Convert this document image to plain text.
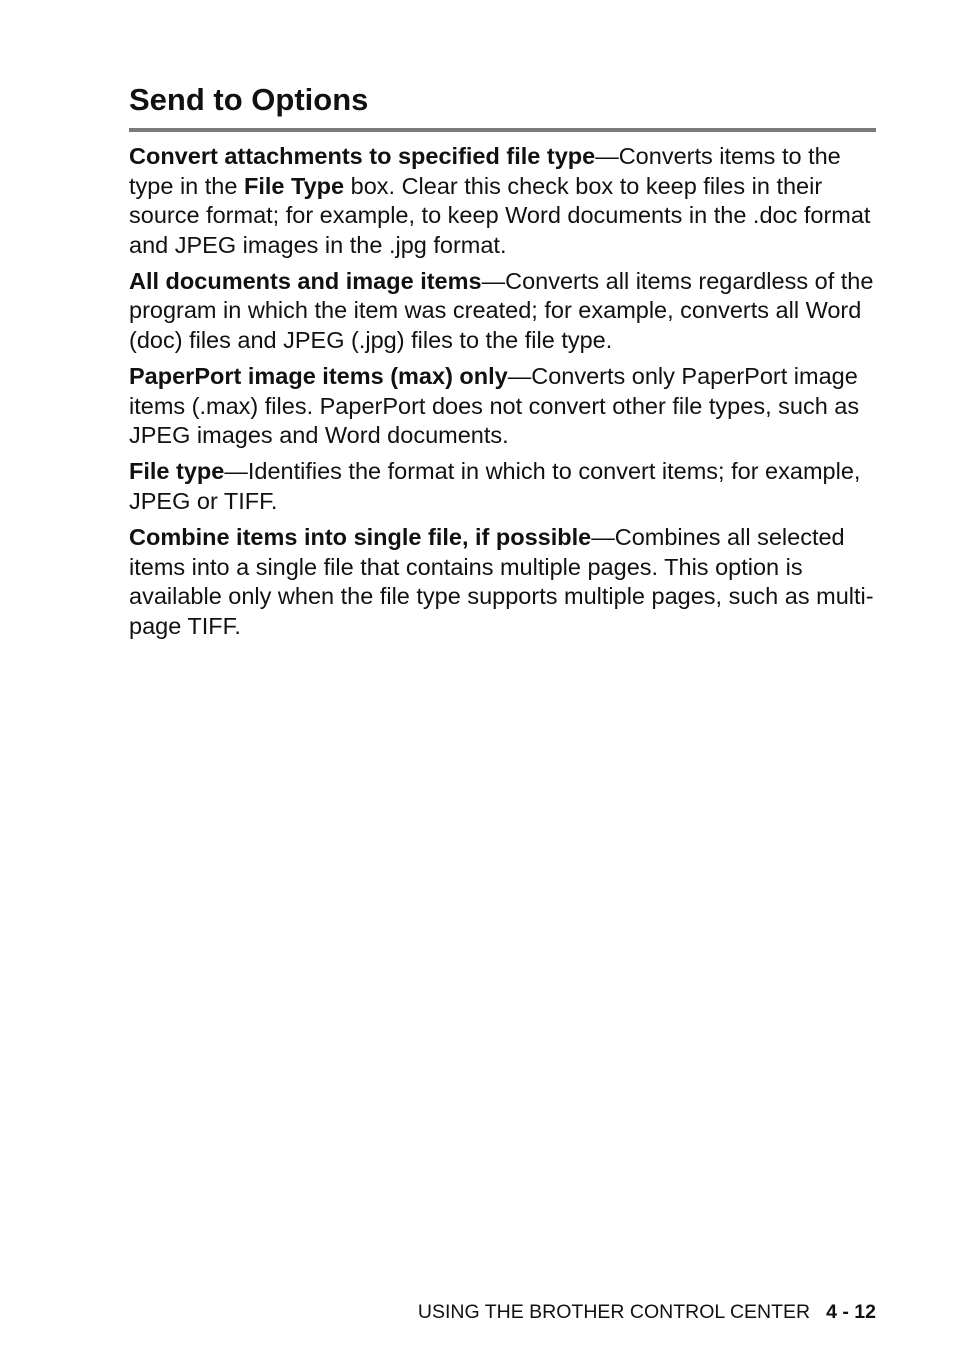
Send to Options

Convert attachments to specified file type—Converts items to the type in the File Type box. Clear this check box to keep files in their source format; for example, to keep Word documents in the .doc format and JPEG images in the .jpg format.

All documents and image items—Converts all items regardless of the program in which the item was created; for example, converts all Word (doc) files and JPEG (.jpg) files to the file type.

PaperPort image items (max) only—Converts only PaperPort image items (.max) files. PaperPort does not convert other file types, such as JPEG images and Word documents.

File type—Identifies the format in which to convert items; for example, JPEG or TIFF.

Combine items into single file, if possible—Combines all selected items into a single file that contains multiple pages. This option is available only when the file type supports multiple pages, such as multi-page TIFF.

USING THE BROTHER CONTROL CENTER 4 - 12
